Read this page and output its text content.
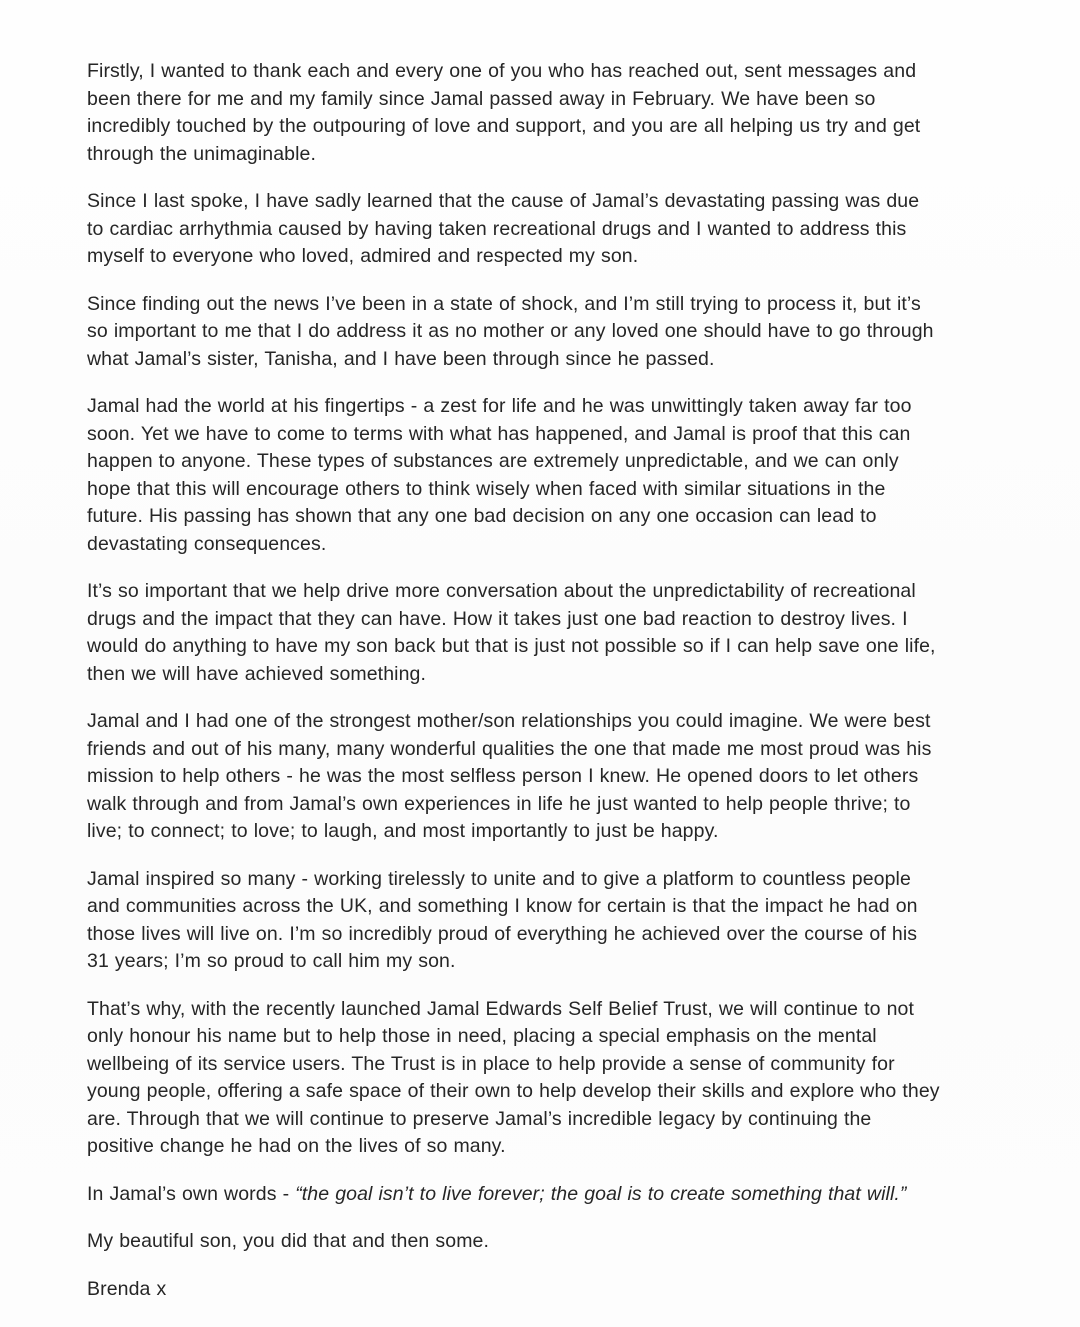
Firstly, I wanted to thank each and every one of you who has reached out, sent messages and been there for me and my family since Jamal passed away in February. We have been so incredibly touched by the outpouring of love and support, and you are all helping us try and get through the unimaginable.

Since I last spoke, I have sadly learned that the cause of Jamal’s devastating passing was due to cardiac arrhythmia caused by having taken recreational drugs and I wanted to address this myself to everyone who loved, admired and respected my son.

Since finding out the news I’ve been in a state of shock, and I’m still trying to process it, but it’s so important to me that I do address it as no mother or any loved one should have to go through what Jamal’s sister, Tanisha, and I have been through since he passed.

Jamal had the world at his fingertips - a zest for life and he was unwittingly taken away far too soon. Yet we have to come to terms with what has happened, and Jamal is proof that this can happen to anyone. These types of substances are extremely unpredictable, and we can only hope that this will encourage others to think wisely when faced with similar situations in the future. His passing has shown that any one bad decision on any one occasion can lead to devastating consequences.

It’s so important that we help drive more conversation about the unpredictability of recreational drugs and the impact that they can have. How it takes just one bad reaction to destroy lives. I would do anything to have my son back but that is just not possible so if I can help save one life, then we will have achieved something.

Jamal and I had one of the strongest mother/son relationships you could imagine. We were best friends and out of his many, many wonderful qualities the one that made me most proud was his mission to help others - he was the most selfless person I knew. He opened doors to let others walk through and from Jamal’s own experiences in life he just wanted to help people thrive; to live; to connect; to love; to laugh, and most importantly to just be happy.

Jamal inspired so many - working tirelessly to unite and to give a platform to countless people and communities across the UK, and something I know for certain is that the impact he had on those lives will live on. I’m so incredibly proud of everything he achieved over the course of his 31 years; I’m so proud to call him my son.

That’s why, with the recently launched Jamal Edwards Self Belief Trust, we will continue to not only honour his name but to help those in need, placing a special emphasis on the mental wellbeing of its service users. The Trust is in place to help provide a sense of community for young people, offering a safe space of their own to help develop their skills and explore who they are. Through that we will continue to preserve Jamal’s incredible legacy by continuing the positive change he had on the lives of so many.

In Jamal’s own words - “the goal isn’t to live forever; the goal is to create something that will.”

My beautiful son, you did that and then some.

Brenda x
